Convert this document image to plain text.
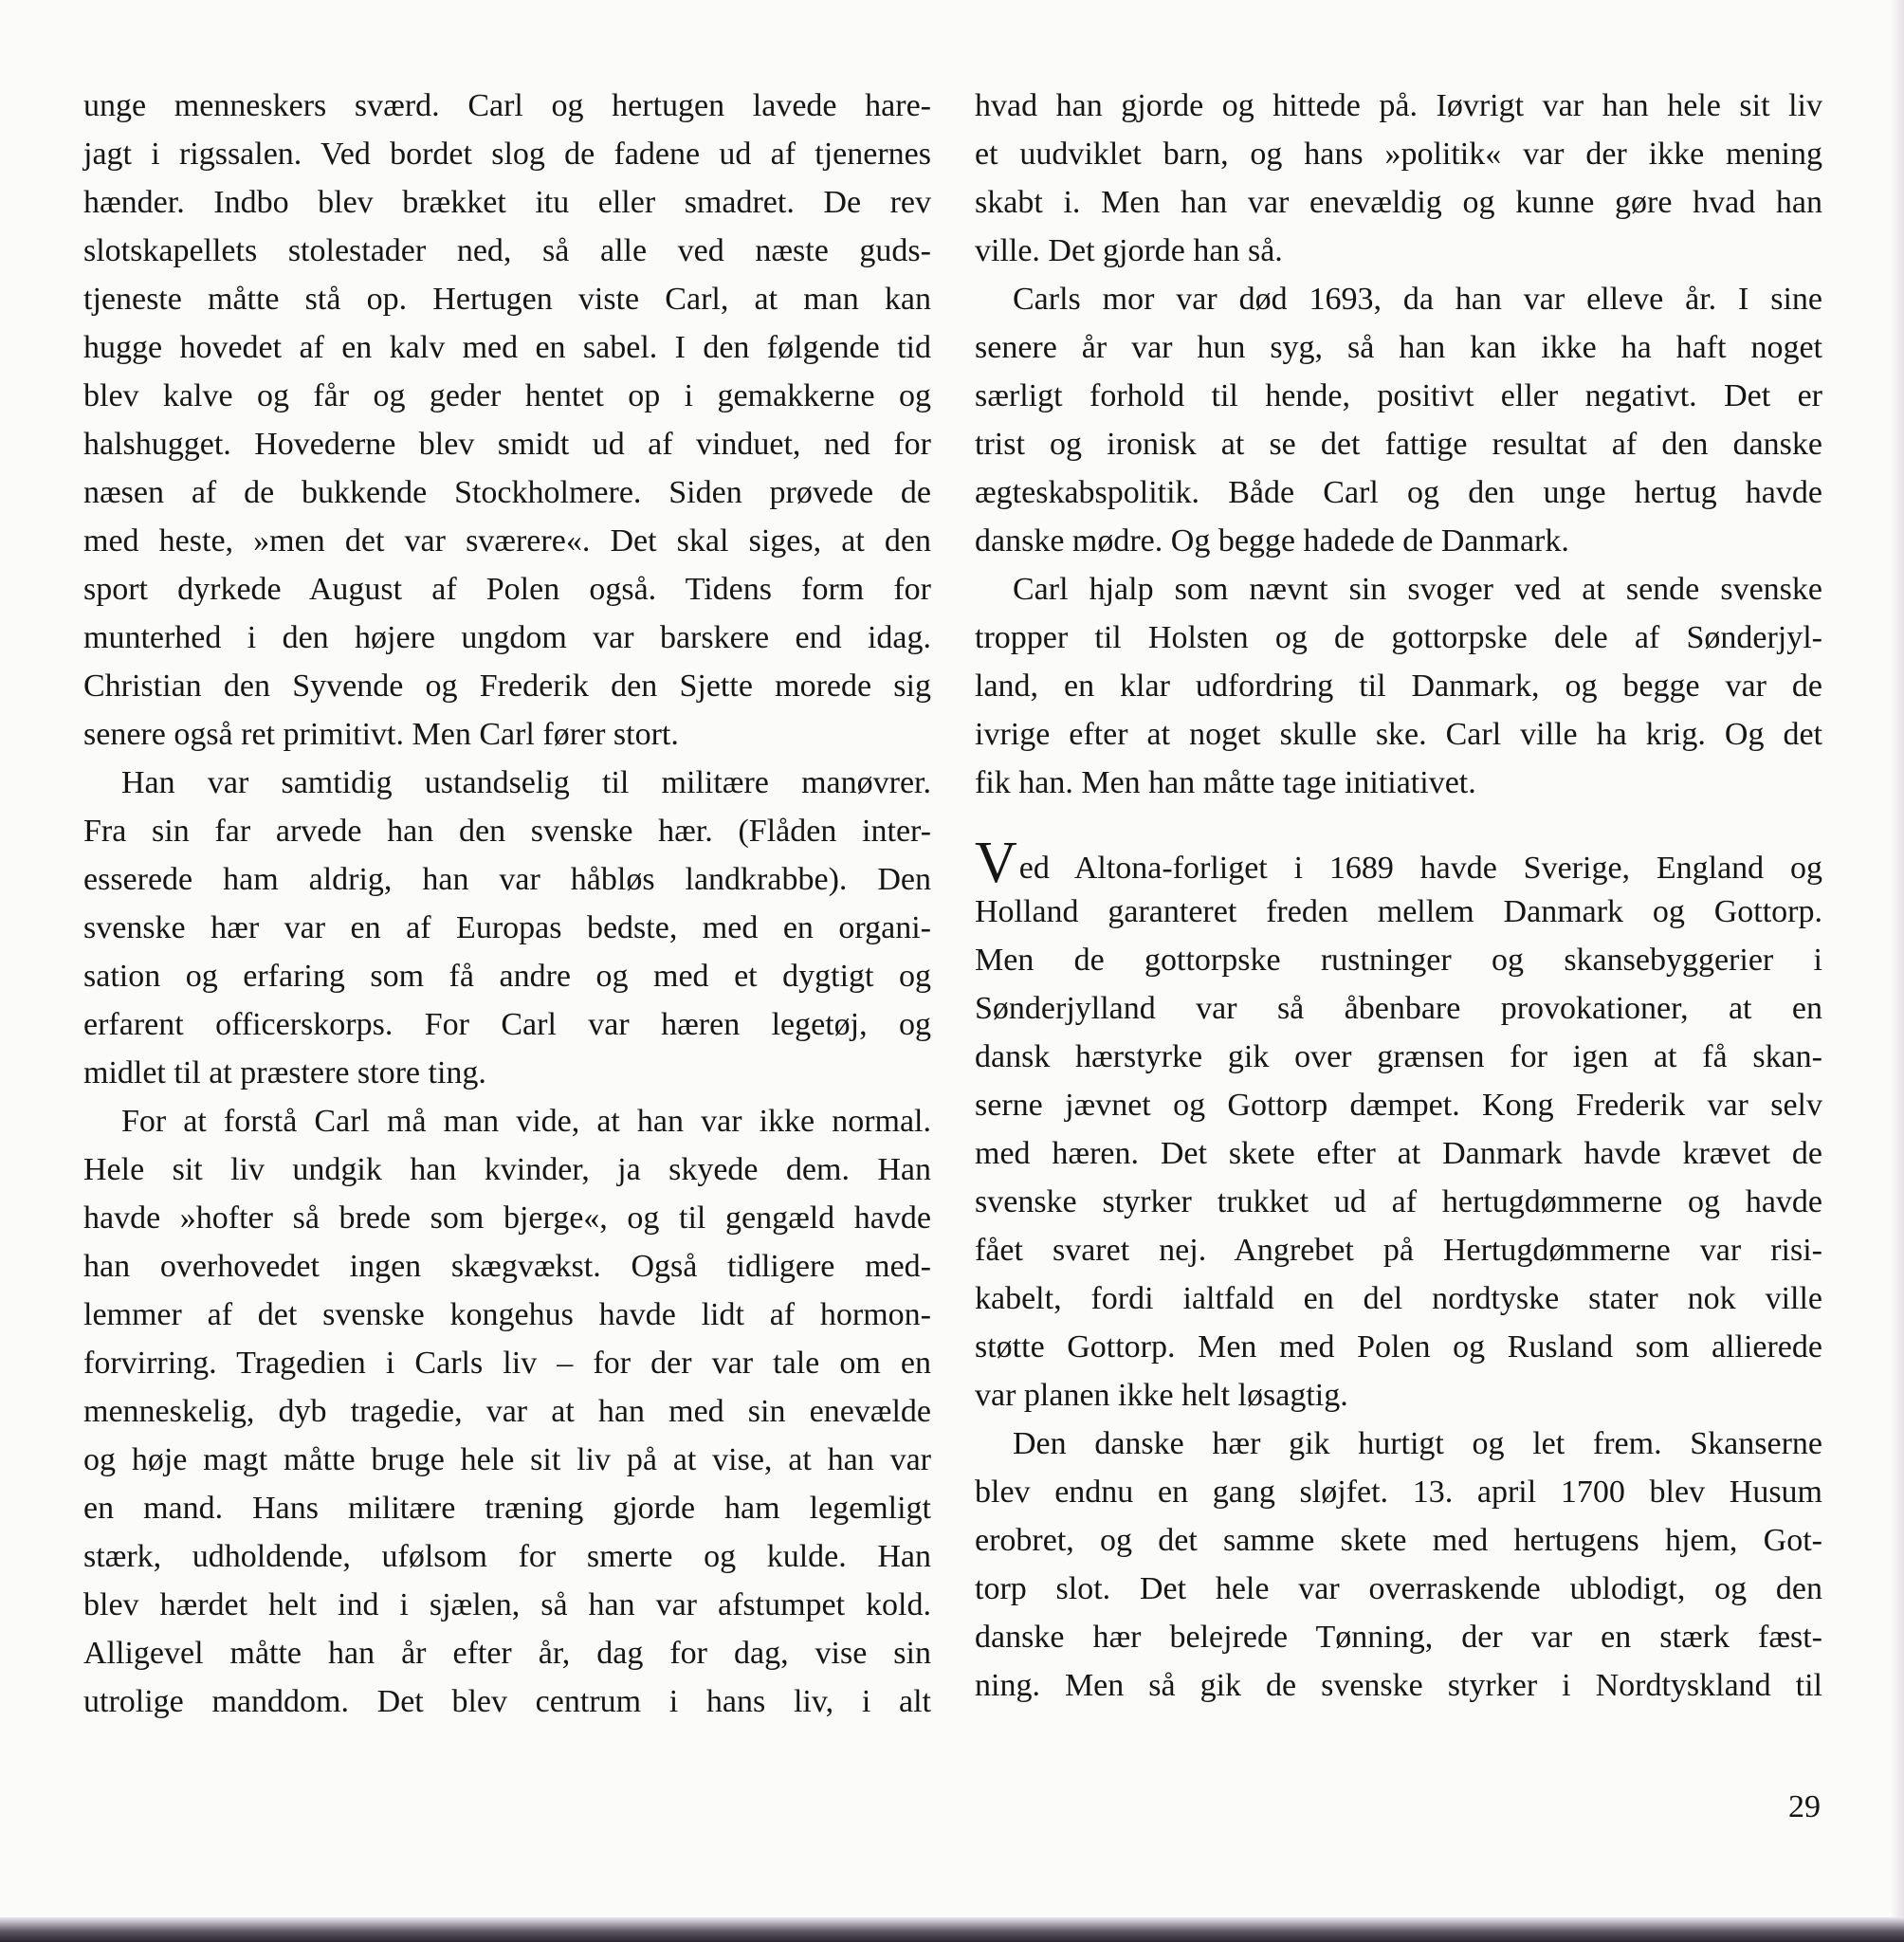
unge menneskers sværd. Carl og hertugen lavede hare-
jagt i rigssalen. Ved bordet slog de fadene ud af tjenernes
hænder. Indbo blev brækket itu eller smadret. De rev
slotskapellets stolestader ned, så alle ved næste guds-
tjeneste måtte stå op. Hertugen viste Carl, at man kan
hugge hovedet af en kalv med en sabel. I den følgende tid
blev kalve og får og geder hentet op i gemakkerne og
halshugget. Hovederne blev smidt ud af vinduet, ned for
næsen af de bukkende Stockholmere. Siden prøvede de
med heste, »men det var sværere«. Det skal siges, at den
sport dyrkede August af Polen også. Tidens form for
munterhed i den højere ungdom var barskere end idag.
Christian den Syvende og Frederik den Sjette morede sig
senere også ret primitivt. Men Carl fører stort.
Han var samtidig ustandselig til militære manøvrer.
Fra sin far arvede han den svenske hær. (Flåden inter-
esserede ham aldrig, han var håbløs landkrabbe). Den
svenske hær var en af Europas bedste, med en organi-
sation og erfaring som få andre og med et dygtigt og
erfarent officerskorps. For Carl var hæren legetøj, og
midlet til at præstere store ting.
For at forstå Carl må man vide, at han var ikke normal.
Hele sit liv undgik han kvinder, ja skyede dem. Han
havde »hofter så brede som bjerge«, og til gengæld havde
han overhovedet ingen skægvækst. Også tidligere med-
lemmer af det svenske kongehus havde lidt af hormon-
forvirring. Tragedien i Carls liv – for der var tale om en
menneskelig, dyb tragedie, var at han med sin enevælde
og høje magt måtte bruge hele sit liv på at vise, at han var
en mand. Hans militære træning gjorde ham legemligt
stærk, udholdende, ufølsom for smerte og kulde. Han
blev hærdet helt ind i sjælen, så han var afstumpet kold.
Alligevel måtte han år efter år, dag for dag, vise sin
utrolige manddom. Det blev centrum i hans liv, i alt
hvad han gjorde og hittede på. Iøvrigt var han hele sit liv
et uudviklet barn, og hans »politik« var der ikke mening
skabt i. Men han var enevældig og kunne gøre hvad han
ville. Det gjorde han så.
Carls mor var død 1693, da han var elleve år. I sine
senere år var hun syg, så han kan ikke ha haft noget
særligt forhold til hende, positivt eller negativt. Det er
trist og ironisk at se det fattige resultat af den danske
ægteskabspolitik. Både Carl og den unge hertug havde
danske mødre. Og begge hadede de Danmark.
Carl hjalp som nævnt sin svoger ved at sende svenske
tropper til Holsten og de gottorpske dele af Sønderjyl-
land, en klar udfordring til Danmark, og begge var de
ivrige efter at noget skulle ske. Carl ville ha krig. Og det
fik han. Men han måtte tage initiativet.
Ved Altona-forliget i 1689 havde Sverige, England og
Holland garanteret freden mellem Danmark og Gottorp.
Men de gottorpske rustninger og skansebyggerier i
Sønderjylland var så åbenbare provokationer, at en
dansk hærstyrke gik over grænsen for igen at få skan-
serne jævnet og Gottorp dæmpet. Kong Frederik var selv
med hæren. Det skete efter at Danmark havde krævet de
svenske styrker trukket ud af hertugdømmerne og havde
fået svaret nej. Angrebet på Hertugdømmerne var risi-
kabelt, fordi ialtfald en del nordtyske stater nok ville
støtte Gottorp. Men med Polen og Rusland som allierede
var planen ikke helt løsagtig.
Den danske hær gik hurtigt og let frem. Skanserne
blev endnu en gang sløjfet. 13. april 1700 blev Husum
erobret, og det samme skete med hertugens hjem, Got-
torp slot. Det hele var overraskende ublodigt, og den
danske hær belejrede Tønning, der var en stærk fæst-
ning. Men så gik de svenske styrker i Nordtyskland til
29
